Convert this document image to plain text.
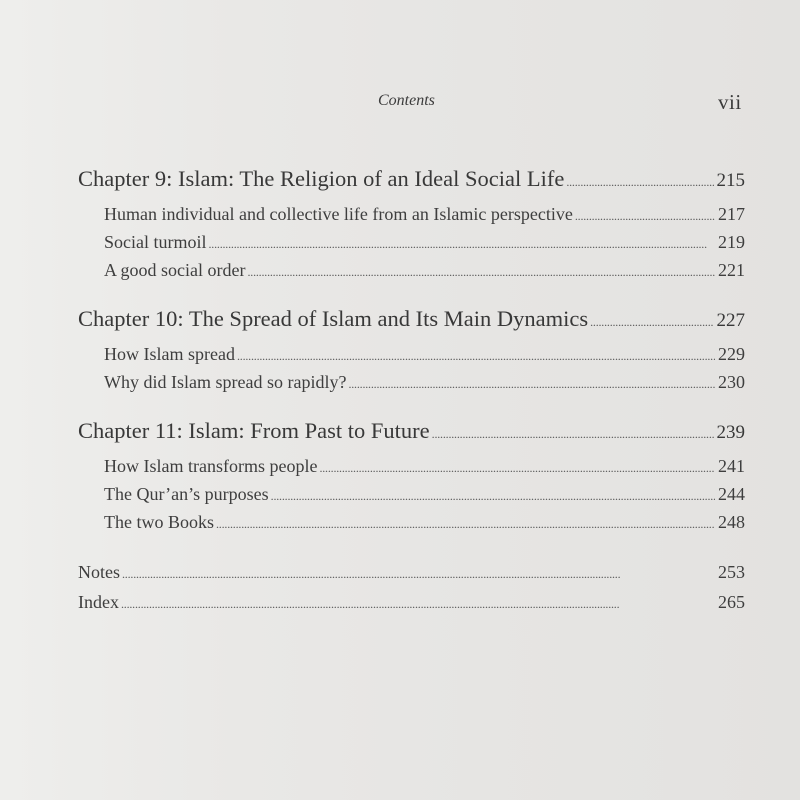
Contents	vii
Chapter 9: Islam: The Religion of an Ideal Social Life . . .	215
Human individual and collective life from an Islamic perspective . . .	217
Social turmoil . . .	219
A good social order . . .	221
Chapter 10: The Spread of Islam and Its Main Dynamics . . .	227
How Islam spread . . .	229
Why did Islam spread so rapidly? . . .	230
Chapter 11: Islam: From Past to Future . . .	239
How Islam transforms people . . .	241
The Qur’an’s purposes . . .	244
The two Books . . .	248
Notes . . .	253
Index . . .	265
